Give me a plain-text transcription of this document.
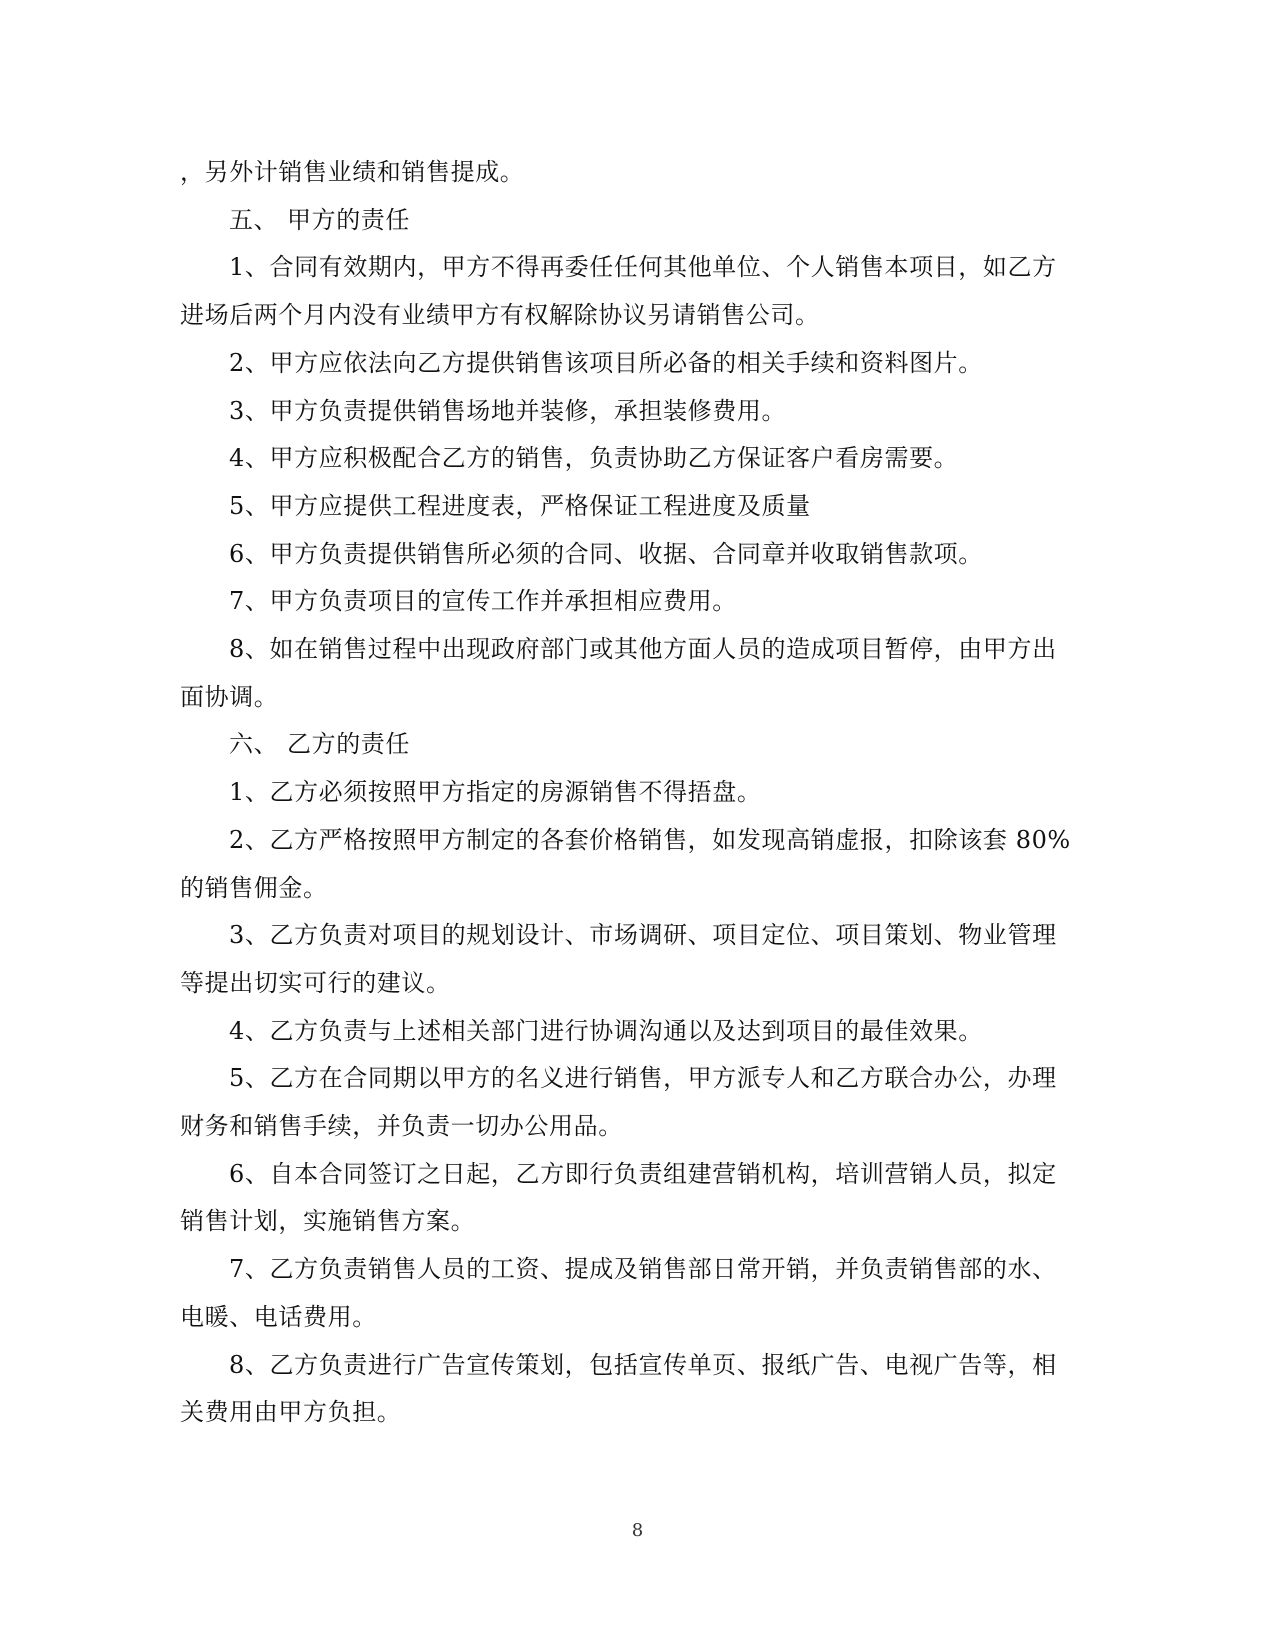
，另外计销售业绩和销售提成。

五、 甲方的责任

1、合同有效期内，甲方不得再委任任何其他单位、个人销售本项目，如乙方

进场后两个月内没有业绩甲方有权解除协议另请销售公司。

2、甲方应依法向乙方提供销售该项目所必备的相关手续和资料图片。

3、甲方负责提供销售场地并装修，承担装修费用。

4、甲方应积极配合乙方的销售，负责协助乙方保证客户看房需要。

5、甲方应提供工程进度表，严格保证工程进度及质量

6、甲方负责提供销售所必须的合同、收据、合同章并收取销售款项。

7、甲方负责项目的宣传工作并承担相应费用。

8、如在销售过程中出现政府部门或其他方面人员的造成项目暂停，由甲方出

面协调。

六、 乙方的责任

1、乙方必须按照甲方指定的房源销售不得捂盘。

2、乙方严格按照甲方制定的各套价格销售，如发现高销虚报，扣除该套 80%

的销售佣金。

3、乙方负责对项目的规划设计、市场调研、项目定位、项目策划、物业管理

等提出切实可行的建议。

4、乙方负责与上述相关部门进行协调沟通以及达到项目的最佳效果。

5、乙方在合同期以甲方的名义进行销售，甲方派专人和乙方联合办公，办理

财务和销售手续，并负责一切办公用品。

6、自本合同签订之日起，乙方即行负责组建营销机构，培训营销人员，拟定

销售计划，实施销售方案。

7、乙方负责销售人员的工资、提成及销售部日常开销，并负责销售部的水、

电暖、电话费用。

8、乙方负责进行广告宣传策划，包括宣传单页、报纸广告、电视广告等，相

关费用由甲方负担。

8
